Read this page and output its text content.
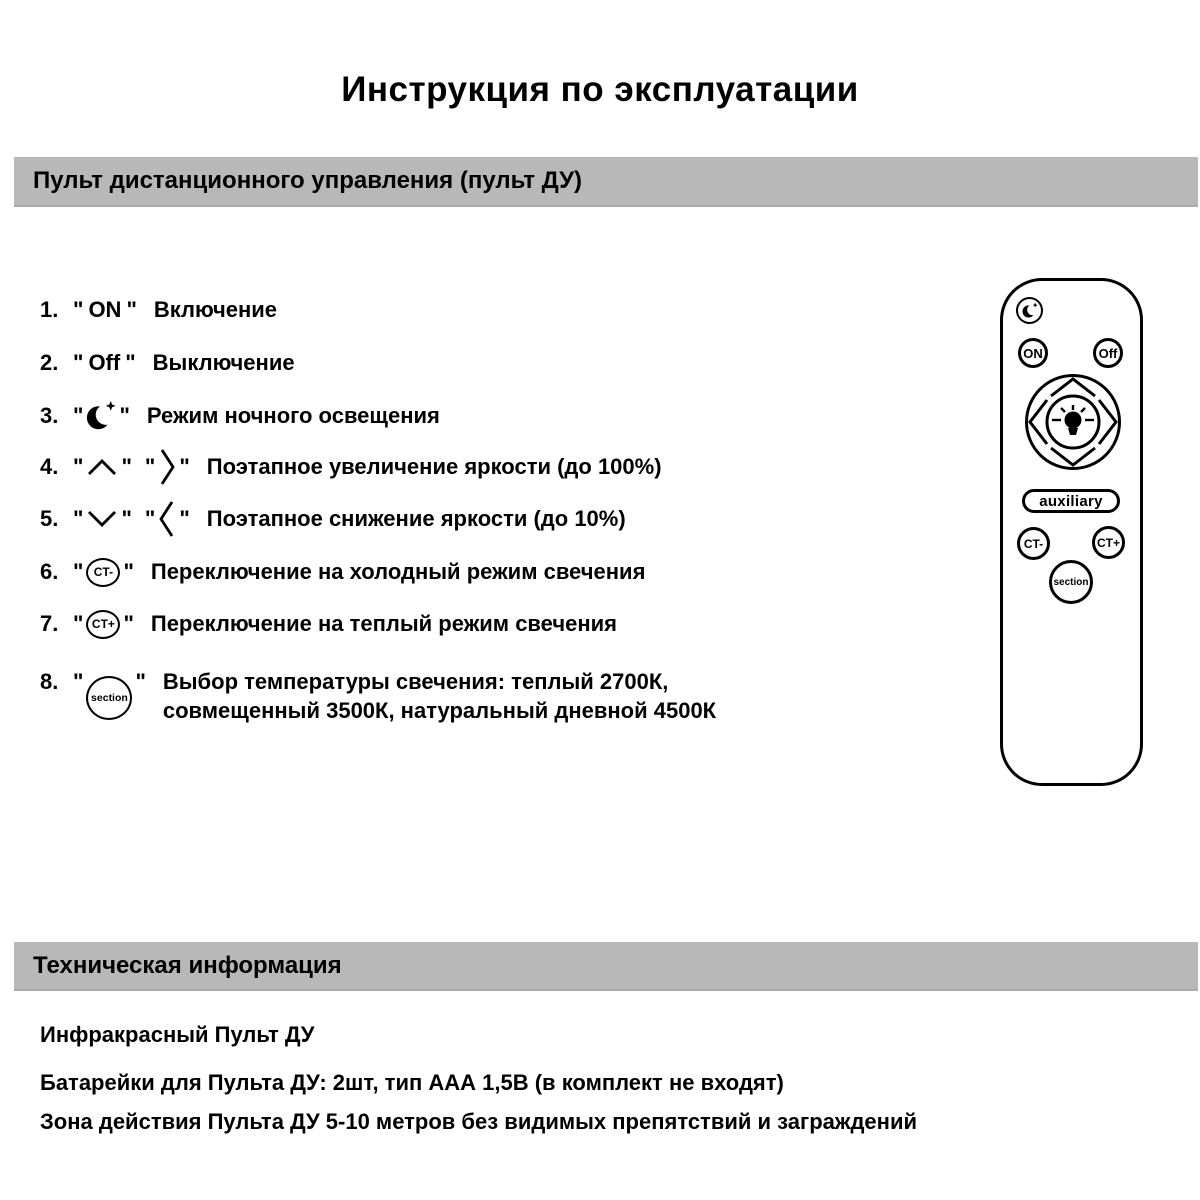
Инструкция по эксплуатации
Пульт дистанционного управления (пульт ДУ)
1. " ON " Включение
2. " Off " Выключение
3. " " Режим ночного освещения
4. " " " " Поэтапное увеличение яркости (до 100%)
5. " " " " Поэтапное снижение яркости (до 10%)
6. " CT- " Переключение на холодный режим свечения
7. " CT+ " Переключение на теплый режим свечения
8. "
section
" Выбор температуры свечения: теплый 2700К,
совмещенный 3500К, натуральный дневной 4500К
ON	Off
auxiliary
CT-	CT+
section
Техническая информация
Инфракрасный Пульт ДУ
Батарейки для Пульта ДУ: 2шт, тип ААА 1,5В (в комплект не входят)
Зона действия Пульта ДУ 5-10 метров без видимых препятствий и заграждений
